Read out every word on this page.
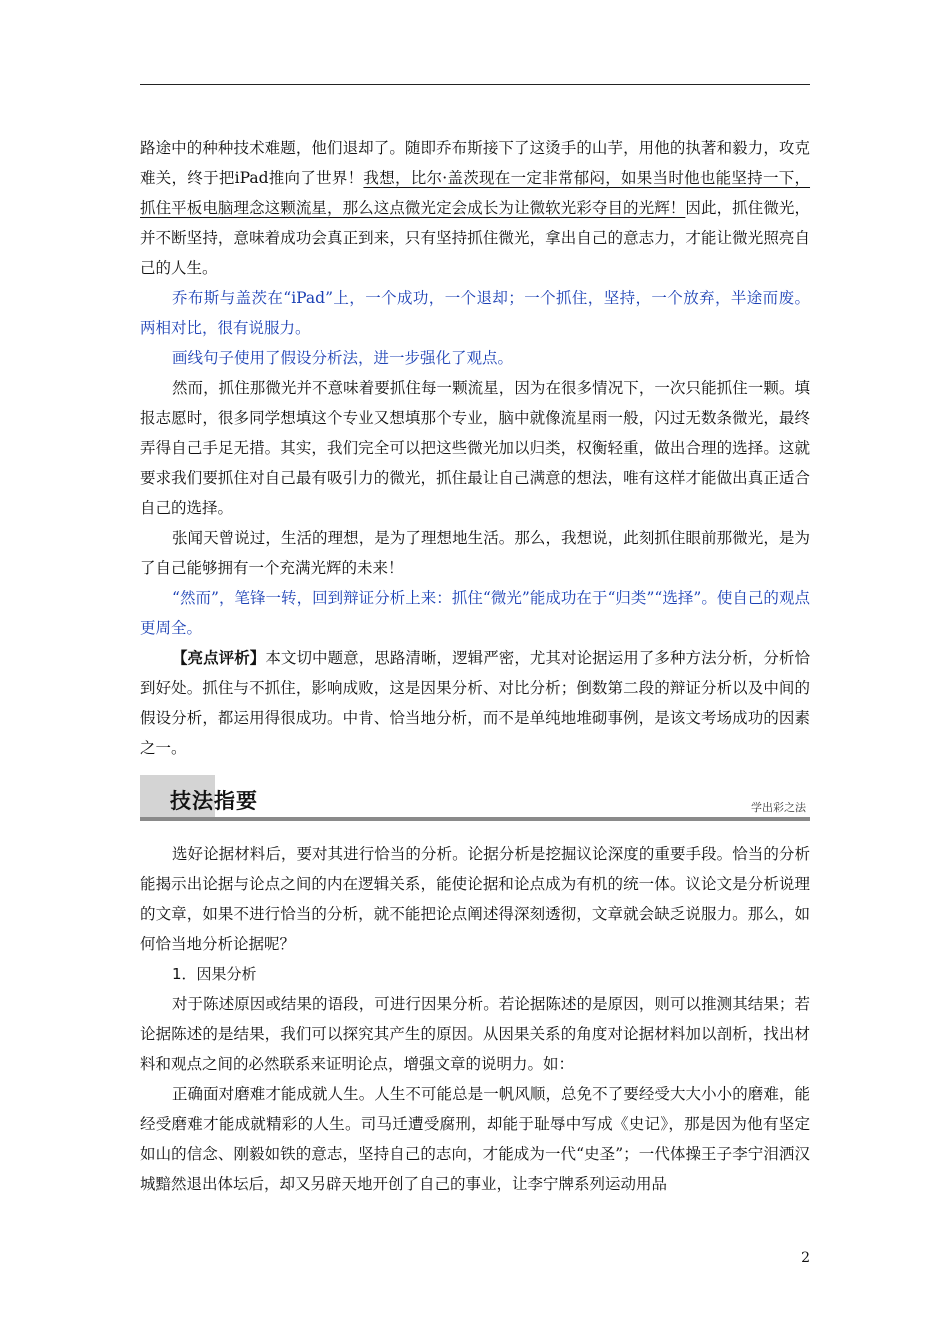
路途中的种种技术难题，他们退却了。随即乔布斯接下了这烫手的山芋，用他的执著和毅力，攻克难关，终于把iPad推向了世界！我想，比尔·盖茨现在一定非常郁闷，如果当时他也能坚持一下，抓住平板电脑理念这颗流星，那么这点微光定会成长为让微软光彩夺目的光辉！因此，抓住微光，并不断坚持，意味着成功会真正到来，只有坚持抓住微光，拿出自己的意志力，才能让微光照亮自己的人生。

乔布斯与盖茨在“iPad”上，一个成功，一个退却；一个抓住，坚持，一个放弃，半途而废。两相对比，很有说服力。

画线句子使用了假设分析法，进一步强化了观点。

然而，抓住那微光并不意味着要抓住每一颗流星，因为在很多情况下，一次只能抓住一颗。填报志愿时，很多同学想填这个专业又想填那个专业，脑中就像流星雨一般，闪过无数条微光，最终弄得自己手足无措。其实，我们完全可以把这些微光加以归类，权衡轻重，做出合理的选择。这就要求我们要抓住对自己最有吸引力的微光，抓住最让自己满意的想法，唯有这样才能做出真正适合自己的选择。

张闻天曾说过，生活的理想，是为了理想地生活。那么，我想说，此刻抓住眼前那微光，是为了自己能够拥有一个充满光辉的未来！

“然而”，笔锋一转，回到辩证分析上来：抓住“微光”能成功在于“归类”“选择”。使自己的观点更周全。

【亮点评析】本文切中题意，思路清晰，逻辑严密，尤其对论据运用了多种方法分析，分析恰到好处。抓住与不抓住，影响成败，这是因果分析、对比分析；倒数第二段的辩证分析以及中间的假设分析，都运用得很成功。中肯、恰当地分析，而不是单纯地堆砌事例，是该文考场成功的因素之一。

技法指要	学出彩之法

选好论据材料后，要对其进行恰当的分析。论据分析是挖掘议论深度的重要手段。恰当的分析能揭示出论据与论点之间的内在逻辑关系，能使论据和论点成为有机的统一体。议论文是分析说理的文章，如果不进行恰当的分析，就不能把论点阐述得深刻透彻，文章就会缺乏说服力。那么，如何恰当地分析论据呢？

1．因果分析

对于陈述原因或结果的语段，可进行因果分析。若论据陈述的是原因，则可以推测其结果；若论据陈述的是结果，我们可以探究其产生的原因。从因果关系的角度对论据材料加以剖析，找出材料和观点之间的必然联系来证明论点，增强文章的说明力。如：

正确面对磨难才能成就人生。人生不可能总是一帆风顺，总免不了要经受大大小小的磨难，能经受磨难才能成就精彩的人生。司马迁遭受腐刑，却能于耻辱中写成《史记》，那是因为他有坚定如山的信念、刚毅如铁的意志，坚持自己的志向，才能成为一代“史圣”；一代体操王子李宁泪洒汉城黯然退出体坛后，却又另辟天地开创了自己的事业，让李宁牌系列运动用品

2
